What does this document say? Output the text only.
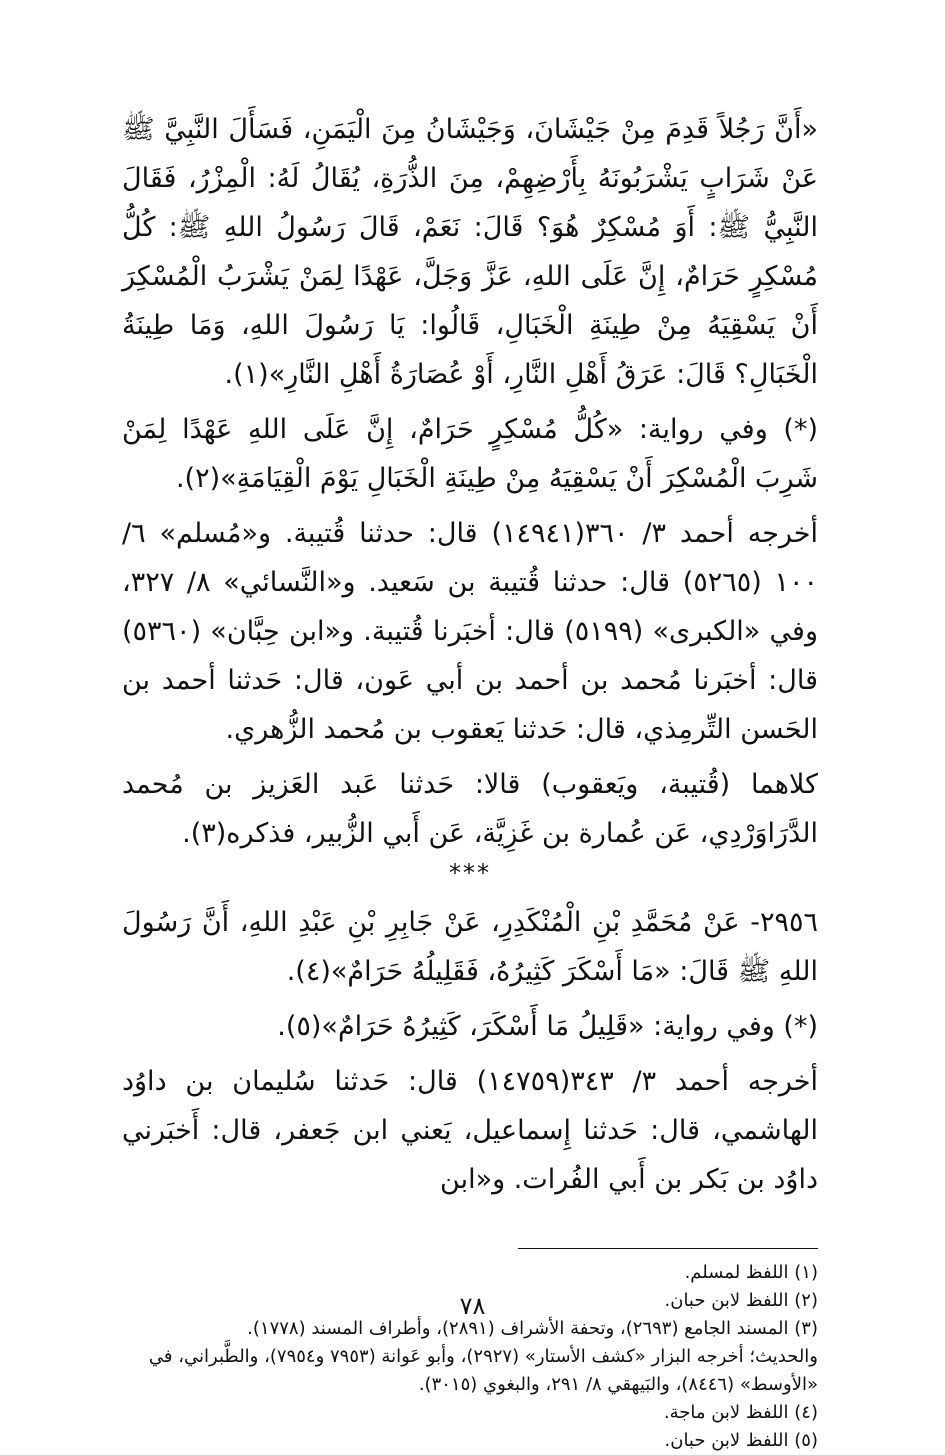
«أَنَّ رَجُلاً قَدِمَ مِنْ جَيْشَانَ، وَجَيْشَانُ مِنَ الْيَمَنِ، فَسَأَلَ النَّبِيَّ ﷺ عَنْ شَرَابٍ يَشْرَبُونَهُ بِأَرْضِهِمْ، مِنَ الذُّرَةِ، يُقَالُ لَهُ: الْمِزْرُ، فَقَالَ النَّبِيُّ ﷺ: أَوَ مُسْكِرٌ هُوَ؟ قَالَ: نَعَمْ، قَالَ رَسُولُ اللهِ ﷺ: كُلُّ مُسْكِرٍ حَرَامٌ، إِنَّ عَلَى اللهِ، عَزَّ وَجَلَّ، عَهْدًا لِمَنْ يَشْرَبُ الْمُسْكِرَ أَنْ يَسْقِيَهُ مِنْ طِينَةِ الْخَبَالِ، قَالُوا: يَا رَسُولَ اللهِ، وَمَا طِينَةُ الْخَبَالِ؟ قَالَ: عَرَقُ أَهْلِ النَّارِ، أَوْ عُصَارَةُ أَهْلِ النَّارِ»(١).

(*) وفي رواية: «كُلُّ مُسْكِرٍ حَرَامٌ، إِنَّ عَلَى اللهِ عَهْدًا لِمَنْ شَرِبَ الْمُسْكِرَ أَنْ يَسْقِيَهُ مِنْ طِينَةِ الْخَبَالِ يَوْمَ الْقِيَامَةِ»(٢).

أخرجه أحمد ٣/ ٣٦٠(١٤٩٤١) قال: حدثنا قُتيبة. و«مُسلم» ٦/ ١٠٠ (٥٢٦٥) قال: حدثنا قُتيبة بن سَعيد. و«النَّسائي» ٨/ ٣٢٧، وفي «الكبرى» (٥١٩٩) قال: أخبَرنا قُتيبة. و«ابن حِبَّان» (٥٣٦٠) قال: أخبَرنا مُحمد بن أحمد بن أبي عَون، قال: حَدثنا أحمد بن الحَسن التِّرمِذي، قال: حَدثنا يَعقوب بن مُحمد الزُّهري.

كلاهما (قُتيبة، ويَعقوب) قالا: حَدثنا عَبد العَزيز بن مُحمد الدَّرَاوَرْدِي، عَن عُمارة بن غَزِيَّة، عَن أَبي الزُّبير، فذكره(٣).

***

٢٩٥٦- عَنْ مُحَمَّدِ بْنِ الْمُنْكَدِرِ، عَنْ جَابِرِ بْنِ عَبْدِ اللهِ، أَنَّ رَسُولَ اللهِ ﷺ قَالَ: «مَا أَسْكَرَ كَثِيرُهُ، فَقَلِيلُهُ حَرَامٌ»(٤).

(*) وفي رواية: «قَلِيلُ مَا أَسْكَرَ، كَثِيرُهُ حَرَامٌ»(٥).

أخرجه أحمد ٣/ ٣٤٣(١٤٧٥٩) قال: حَدثنا سُليمان بن داوُد الهاشمي، قال: حَدثنا إِسماعيل، يَعني ابن جَعفر، قال: أَخبَرني داوُد بن بَكر بن أَبي الفُرات. و«ابن

(١) اللفظ لمسلم.

(٢) اللفظ لابن حبان.

(٣) المسند الجامع (٢٦٩٣)، وتحفة الأشراف (٢٨٩١)، وأطراف المسند (١٧٧٨).

والحديث؛ أخرجه البزار «كشف الأستار» (٢٩٢٧)، وأبو عَوانة (٧٩٥٣ و٧٩٥٤)، والطَّبراني، في «الأوسط» (٨٤٤٦)، والبَيهقي ٨/ ٢٩١، والبغوي (٣٠١٥).

(٤) اللفظ لابن ماجة.

(٥) اللفظ لابن حبان.

٧٨
